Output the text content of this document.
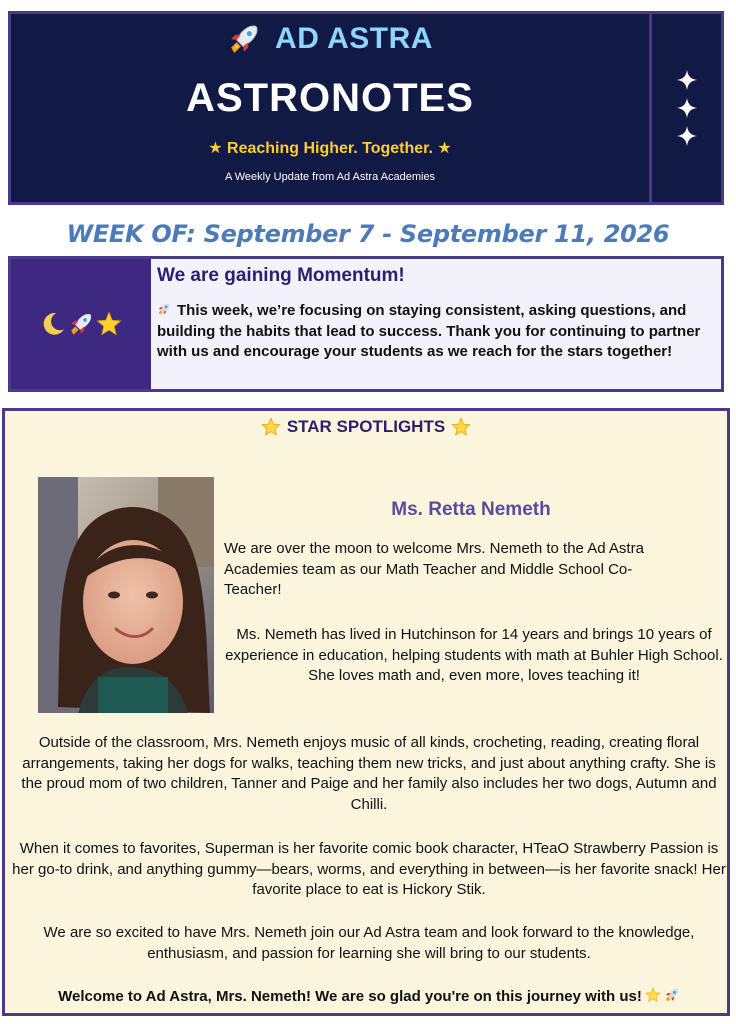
AD ASTRA
ASTRONOTES
★ Reaching Higher. Together. ★
A Weekly Update from Ad Astra Academies
WEEK OF: September 7 - September 11, 2026
We are gaining Momentum!
This week, we’re focusing on staying consistent, asking questions, and building the habits that lead to success. Thank you for continuing to partner with us and encourage your students as we reach for the stars together!
STAR SPOTLIGHTS
Ms. Retta Nemeth
We are over the moon to welcome Mrs. Nemeth to the Ad Astra Academies team as our Math Teacher and Middle School Co-Teacher!
Ms. Nemeth has lived in Hutchinson for 14 years and brings 10 years of experience in education, helping students with math at Buhler High School. She loves math and, even more, loves teaching it!
Outside of the classroom, Mrs. Nemeth enjoys music of all kinds, crocheting, reading, creating floral arrangements, taking her dogs for walks, teaching them new tricks, and just about anything crafty. She is the proud mom of two children, Tanner and Paige and her family also includes her two dogs, Autumn and Chilli.
When it comes to favorites, Superman is her favorite comic book character, HTeaO Strawberry Passion is her go-to drink, and anything gummy—bears, worms, and everything in between—is her favorite snack! Her favorite place to eat is Hickory Stik.
We are so excited to have Mrs. Nemeth join our Ad Astra team and look forward to the knowledge, enthusiasm, and passion for learning she will bring to our students.
Welcome to Ad Astra, Mrs. Nemeth! We are so glad you're on this journey with us!
